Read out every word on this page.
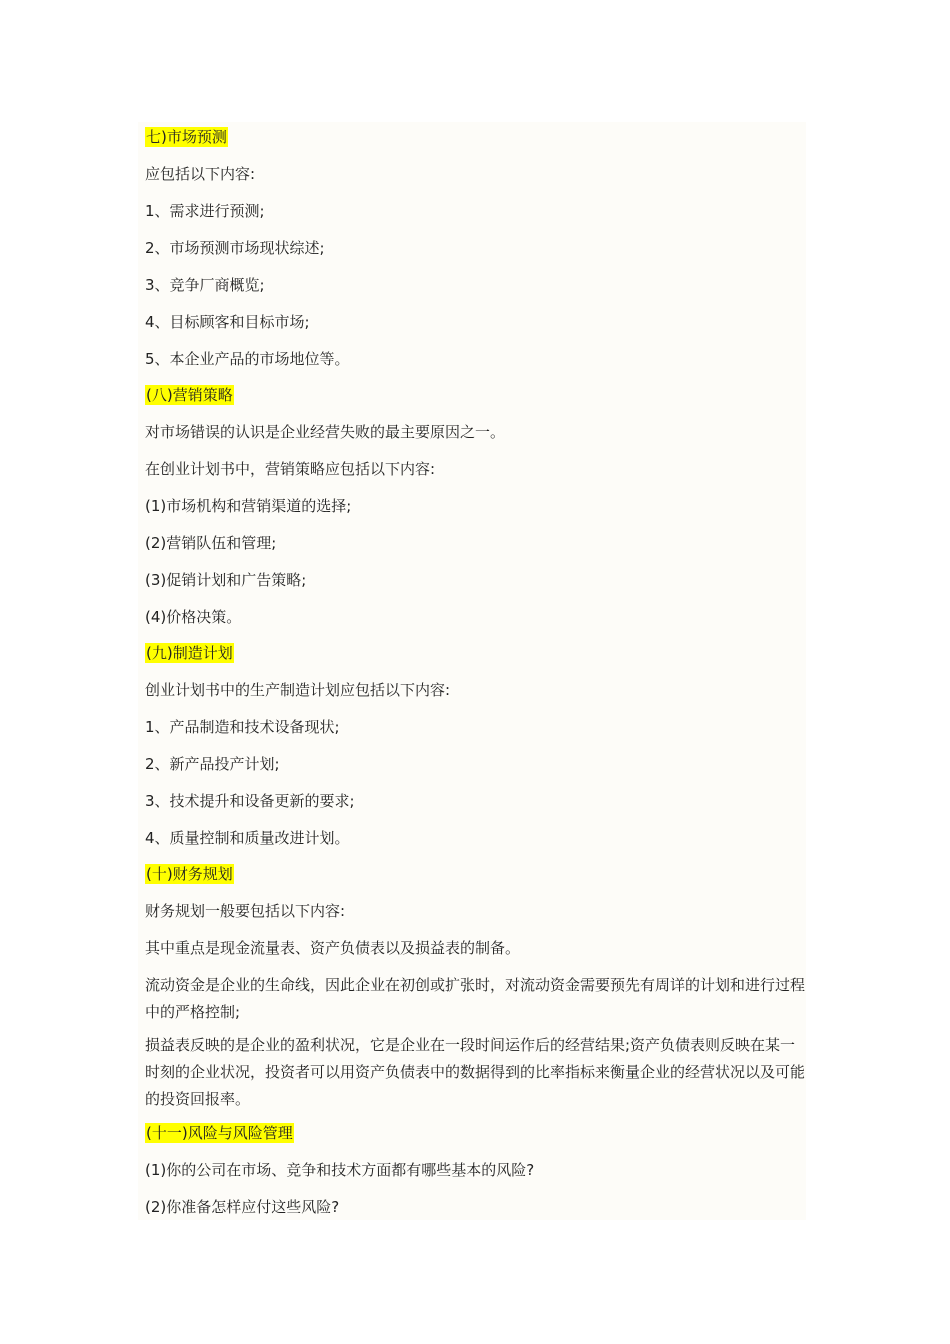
七)市场预测
应包括以下内容:
1、需求进行预测;
2、市场预测市场现状综述;
3、竞争厂商概览;
4、目标顾客和目标市场;
5、本企业产品的市场地位等。
(八)营销策略
对市场错误的认识是企业经营失败的最主要原因之一。
在创业计划书中，营销策略应包括以下内容:
(1)市场机构和营销渠道的选择;
(2)营销队伍和管理;
(3)促销计划和广告策略;
(4)价格决策。
(九)制造计划
创业计划书中的生产制造计划应包括以下内容:
1、产品制造和技术设备现状;
2、新产品投产计划;
3、技术提升和设备更新的要求;
4、质量控制和质量改进计划。
(十)财务规划
财务规划一般要包括以下内容:
其中重点是现金流量表、资产负债表以及损益表的制备。
流动资金是企业的生命线，因此企业在初创或扩张时，对流动资金需要预先有周详的计划和进行过程中的严格控制;
损益表反映的是企业的盈利状况，它是企业在一段时间运作后的经营结果;资产负债表则反映在某一时刻的企业状况，投资者可以用资产负债表中的数据得到的比率指标来衡量企业的经营状况以及可能的投资回报率。
(十一)风险与风险管理
(1)你的公司在市场、竞争和技术方面都有哪些基本的风险?
(2)你准备怎样应付这些风险?
